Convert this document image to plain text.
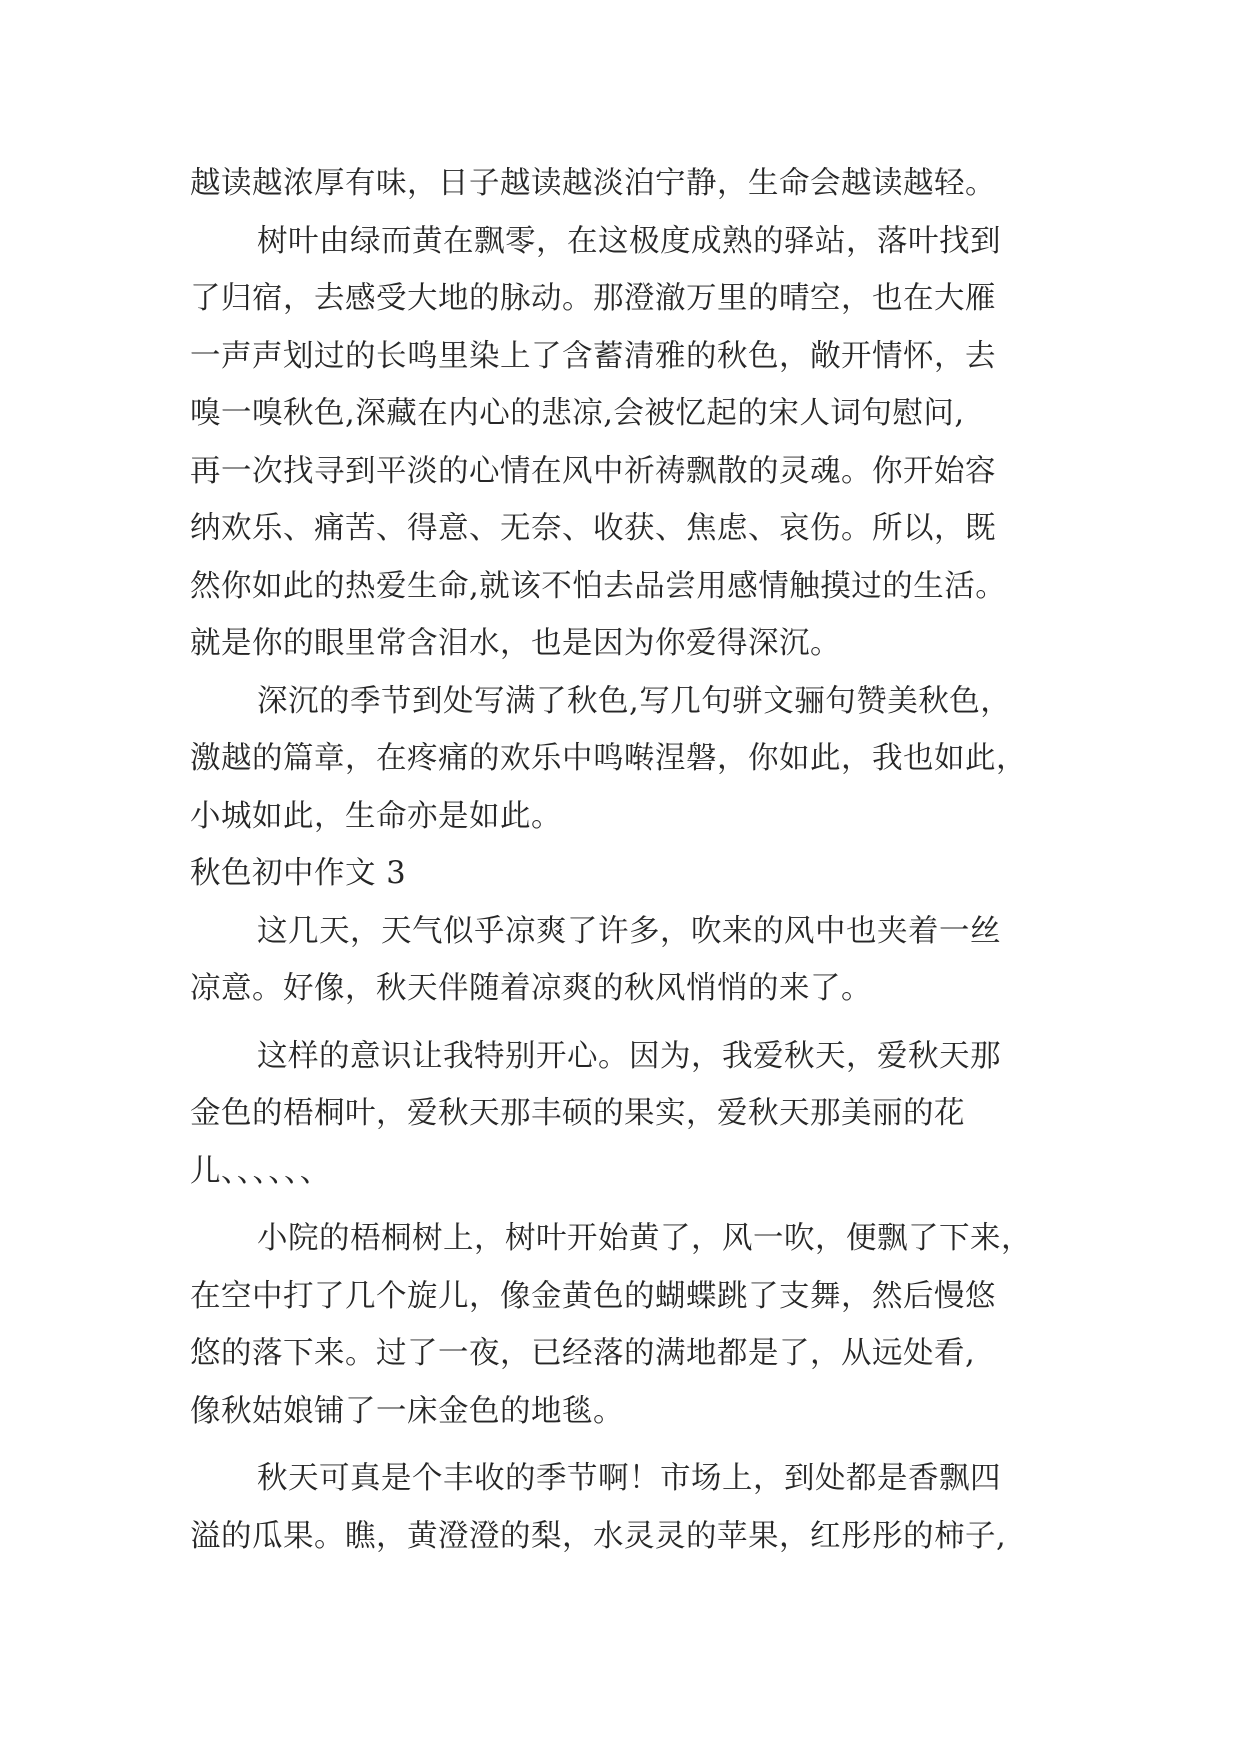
越读越浓厚有味，日子越读越淡泊宁静，生命会越读越轻。
树叶由绿而黄在飘零，在这极度成熟的驿站，落叶找到
了归宿，去感受大地的脉动。那澄澈万里的晴空，也在大雁
一声声划过的长鸣里染上了含蓄清雅的秋色，敞开情怀，去
嗅一嗅秋色,深藏在内心的悲凉,会被忆起的宋人词句慰问,
再一次找寻到平淡的心情在风中祈祷飘散的灵魂。你开始容
纳欢乐、痛苦、得意、无奈、收获、焦虑、哀伤。所以，既
然你如此的热爱生命,就该不怕去品尝用感情触摸过的生活。
就是你的眼里常含泪水，也是因为你爱得深沉。
深沉的季节到处写满了秋色,写几句骈文骊句赞美秋色，
激越的篇章，在疼痛的欢乐中鸣啭涅磐，你如此，我也如此，
小城如此，生命亦是如此。
秋色初中作文 3
这几天，天气似乎凉爽了许多，吹来的风中也夹着一丝
凉意。好像，秋天伴随着凉爽的秋风悄悄的来了。
这样的意识让我特别开心。因为，我爱秋天，爱秋天那
金色的梧桐叶，爱秋天那丰硕的果实，爱秋天那美丽的花
儿、、、、、、
小院的梧桐树上，树叶开始黄了，风一吹，便飘了下来，
在空中打了几个旋儿，像金黄色的蝴蝶跳了支舞，然后慢悠
悠的落下来。过了一夜，已经落的满地都是了，从远处看,
像秋姑娘铺了一床金色的地毯。
秋天可真是个丰收的季节啊！市场上，到处都是香飘四
溢的瓜果。瞧，黄澄澄的梨，水灵灵的苹果，红彤彤的柿子,
